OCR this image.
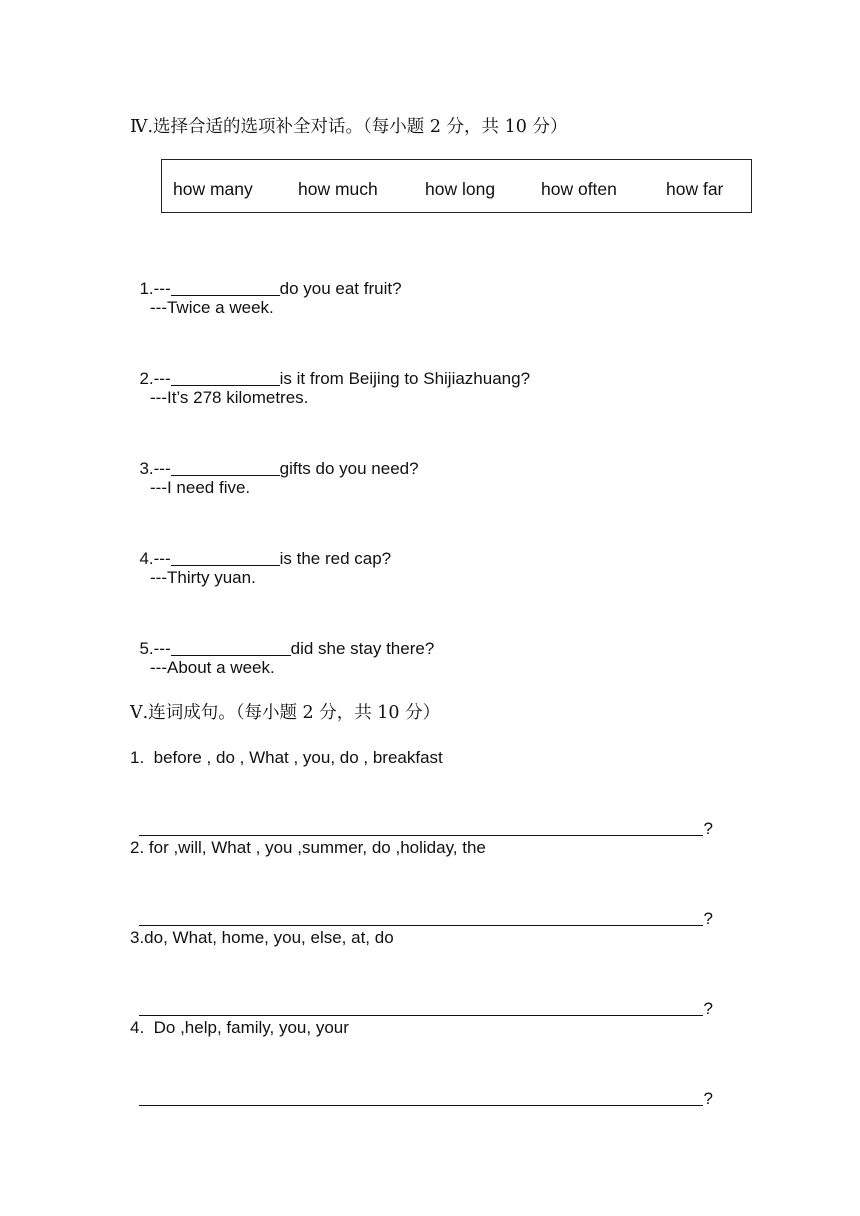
Ⅳ.选择合适的选项补全对话。（每小题 2 分，共 10 分）
how many	how much	how long	how often	how far

1.---	do you eat fruit?

---Twice a week.

2.---	is it from Beijing to Shijiazhuang?

---It’s 278 kilometres.

3.---	gifts do you need?

---I need five.

4.---	is the red cap?

---Thirty yuan.

5.---	did she stay there?

---About a week.
Ⅴ.连词成句。（每小题 2 分，共 10 分）
1.  before , do , What , you, do , breakfast

?

2. for ,will, What , you ,summer, do ,holiday, the

?

3.do, What, home, you, else, at, do

?

4.  Do ,help, family, you, your

?
